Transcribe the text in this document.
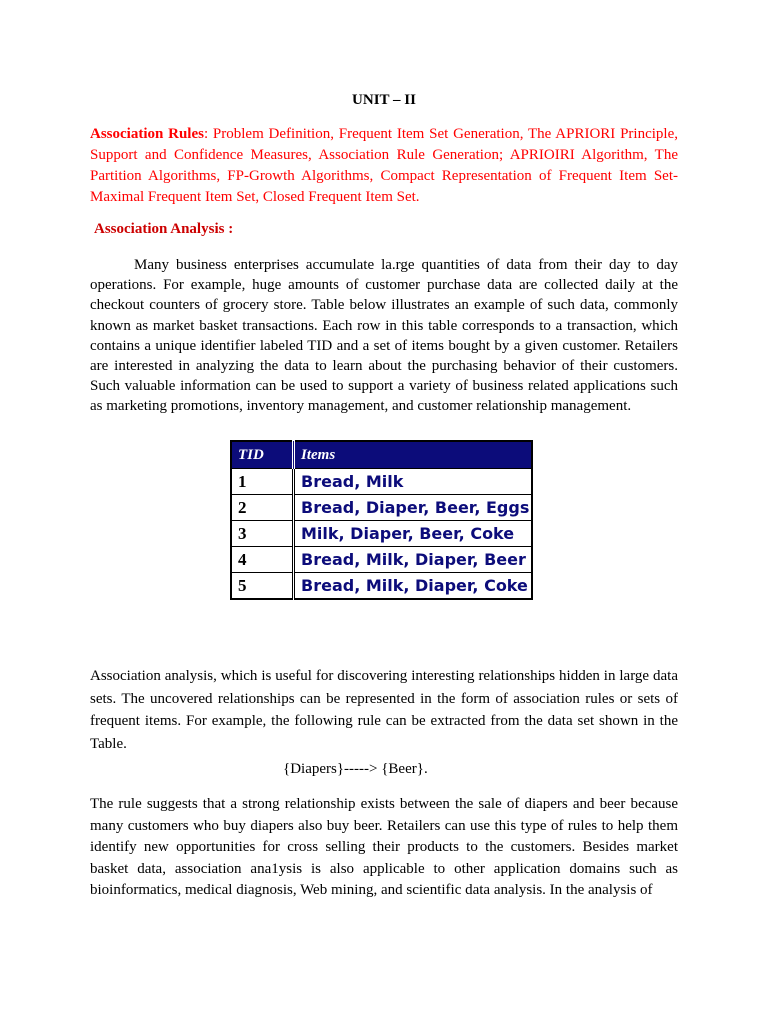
UNIT – II
Association Rules: Problem Definition, Frequent Item Set Generation, The APRIORI Principle, Support and Confidence Measures, Association Rule Generation; APRIOIRI Algorithm, The Partition Algorithms, FP-Growth Algorithms, Compact Representation of Frequent Item Set- Maximal Frequent Item Set, Closed Frequent Item Set.
Association Analysis :

Many business enterprises accumulate la.rge quantities of data from their day to day operations. For example, huge amounts of customer purchase data are collected daily at the checkout counters of grocery store. Table below illustrates an example of such data, commonly known as market basket transactions. Each row in this table corresponds to a transaction, which contains a unique identifier labeled TID and a set of items bought by a given customer. Retailers are interested in analyzing the data to learn about the purchasing behavior of their customers. Such valuable information can be used to support a variety of business related applications such as marketing promotions, inventory management, and customer relationship management.

TID	Items
1	Bread, Milk
2	Bread, Diaper, Beer, Eggs
3	Milk, Diaper, Beer, Coke
4	Bread, Milk, Diaper, Beer
5	Bread, Milk, Diaper, Coke

Association analysis, which is useful for discovering interesting relationships hidden in large data sets. The uncovered relationships can be represented in the form of association rules or sets of frequent items. For example, the following rule can be extracted from the data set shown in the Table.

{Diapers}-----> {Beer}.

The rule suggests that a strong relationship exists between the sale of diapers and beer because many customers who buy diapers also buy beer. Retailers can use this type of rules to help them identify new opportunities for cross selling their products to the customers. Besides market basket data, association ana1ysis is also applicable to other application domains such as bioinformatics, medical diagnosis, Web mining, and scientific data analysis. In the analysis of
